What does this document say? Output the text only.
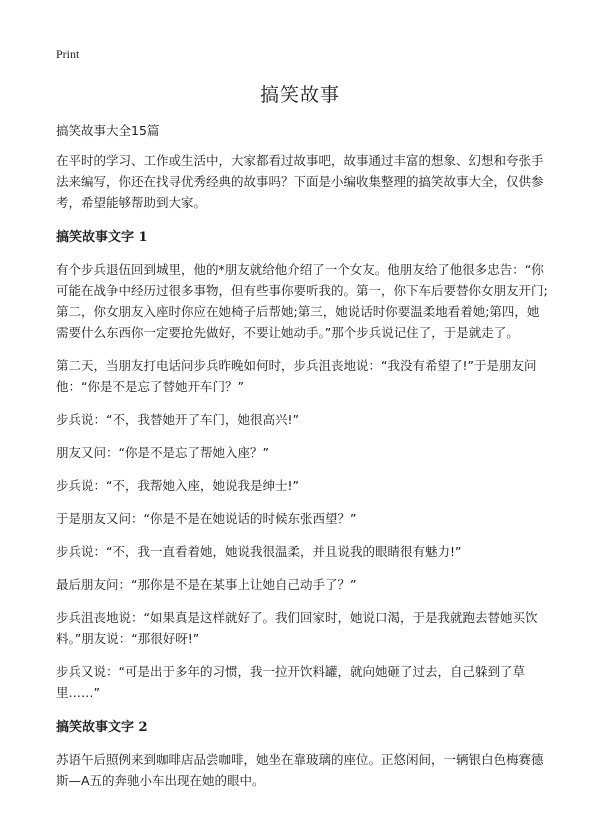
Print
搞笑故事

搞笑故事大全15篇

在平时的学习、工作或生活中，大家都看过故事吧，故事通过丰富的想象、幻想和夸张手法来编写，你还在找寻优秀经典的故事吗？下面是小编收集整理的搞笑故事大全，仅供参考，希望能够帮助到大家。

搞笑故事文字 1

有个步兵退伍回到城里，他的*朋友就给他介绍了一个女友。他朋友给了他很多忠告：“你可能在战争中经历过很多事物，但有些事你要听我的。第一，你下车后要替你女朋友开门;第二，你女朋友入座时你应在她椅子后帮她;第三，她说话时你要温柔地看着她;第四，她需要什么东西你一定要抢先做好，不要让她动手。”那个步兵说记住了，于是就走了。

第二天，当朋友打电话问步兵昨晚如何时，步兵沮丧地说：“我没有希望了!”于是朋友问他：“你是不是忘了替她开车门？”

步兵说：“不，我替她开了车门，她很高兴!”

朋友又问：“你是不是忘了帮她入座？”

步兵说：“不，我帮她入座，她说我是绅士!”

于是朋友又问：“你是不是在她说话的时候东张西望？”

步兵说：“不，我一直看着她，她说我很温柔，并且说我的眼睛很有魅力!”

最后朋友问：“那你是不是在某事上让她自己动手了？”

步兵沮丧地说：“如果真是这样就好了。我们回家时，她说口渴，于是我就跑去替她买饮料。”朋友说：“那很好呀!”

步兵又说：“可是出于多年的习惯，我一拉开饮料罐，就向她砸了过去，自己躲到了草里……”

搞笑故事文字 2

苏语午后照例来到咖啡店品尝咖啡，她坐在靠玻璃的座位。正悠闲间，一辆银白色梅赛德斯—A五的奔驰小车出现在她的眼中。
